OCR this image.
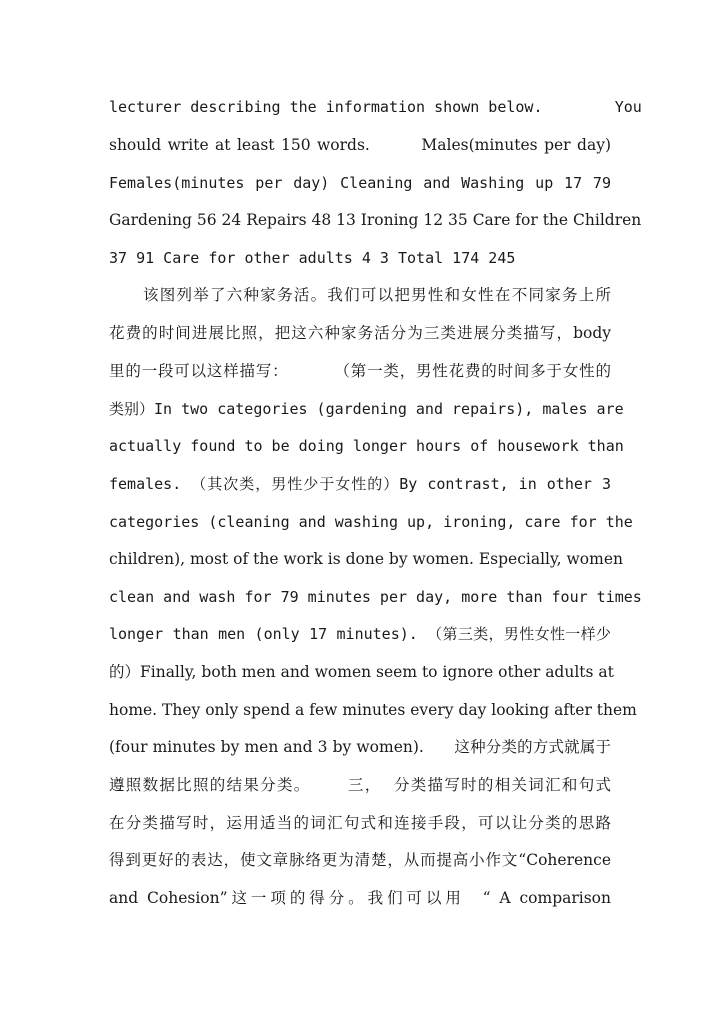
lecturer describing the information shown below.        You
should write at least 150 words.        Males(minutes per day)
Females(minutes per day) Cleaning and Washing up 17 79
Gardening 56 24 Repairs 48 13 Ironing 12 35 Care for the Children
37 91 Care for other adults 4 3 Total 174 245
该图列举了六种家务活。我们可以把男性和女性在不同家务上所
花费的时间进展比照，把这六种家务活分为三类进展分类描写，body
里的一段可以这样描写：        （第一类，男性花费的时间多于女性的
类别）In two categories (gardening and repairs), males are
actually found to be doing longer hours of housework than
females. （其次类，男性少于女性的）By contrast, in other 3
categories (cleaning and washing up, ironing, care for the
children), most of the work is done by women. Especially, women
clean and wash for 79 minutes per day, more than four times
longer than men (only 17 minutes). （第三类，男性女性一样少
的）Finally, both men and women seem to ignore other adults at
home. They only spend a few minutes every day looking after them
(four minutes by men and 3 by women).      这种分类的方式就属于
遵照数据比照的结果分类。      三，  分类描写时的相关词汇和句式
在分类描写时，运用适当的词汇句式和连接手段，可以让分类的思路
得到更好的表达，使文章脉络更为清楚，从而提高小作文“Coherence
and Cohesion”这一项的得分。我们可以用  “ A comparison
